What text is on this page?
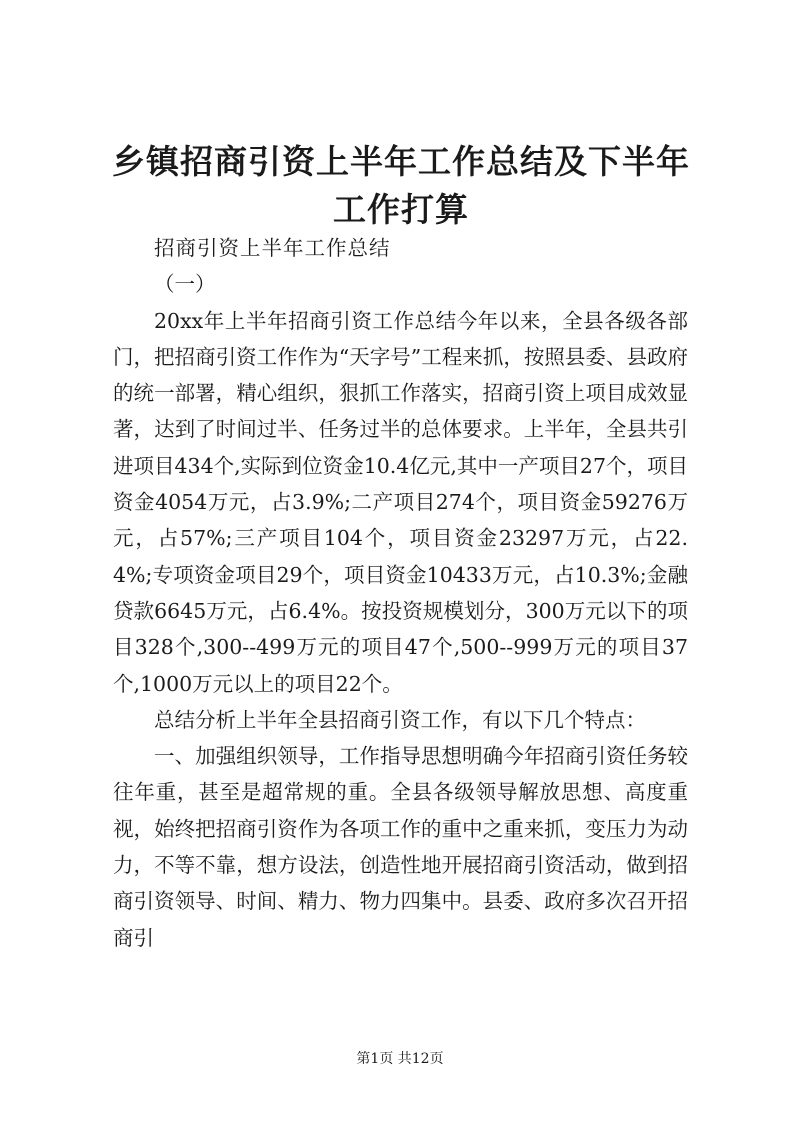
乡镇招商引资上半年工作总结及下半年工作打算

招商引资上半年工作总结

（一）

20xx年上半年招商引资工作总结今年以来，全县各级各部门，把招商引资工作作为“天字号”工程来抓，按照县委、县政府的统一部署，精心组织，狠抓工作落实，招商引资上项目成效显著，达到了时间过半、任务过半的总体要求。上半年，全县共引进项目434个,实际到位资金10.4亿元,其中一产项目27个，项目资金4054万元，占3.9%;二产项目274个，项目资金59276万元，占57%;三产项目104个，项目资金23297万元，占22.4%;专项资金项目29个，项目资金10433万元，占10.3%;金融贷款6645万元，占6.4%。按投资规模划分，300万元以下的项目328个,300--499万元的项目47个,500--999万元的项目37个,1000万元以上的项目22个。

总结分析上半年全县招商引资工作，有以下几个特点：

一、加强组织领导，工作指导思想明确今年招商引资任务较往年重，甚至是超常规的重。全县各级领导解放思想、高度重视，始终把招商引资作为各项工作的重中之重来抓，变压力为动力，不等不靠，想方设法，创造性地开展招商引资活动，做到招商引资领导、时间、精力、物力四集中。县委、政府多次召开招商引

第1页 共12页
